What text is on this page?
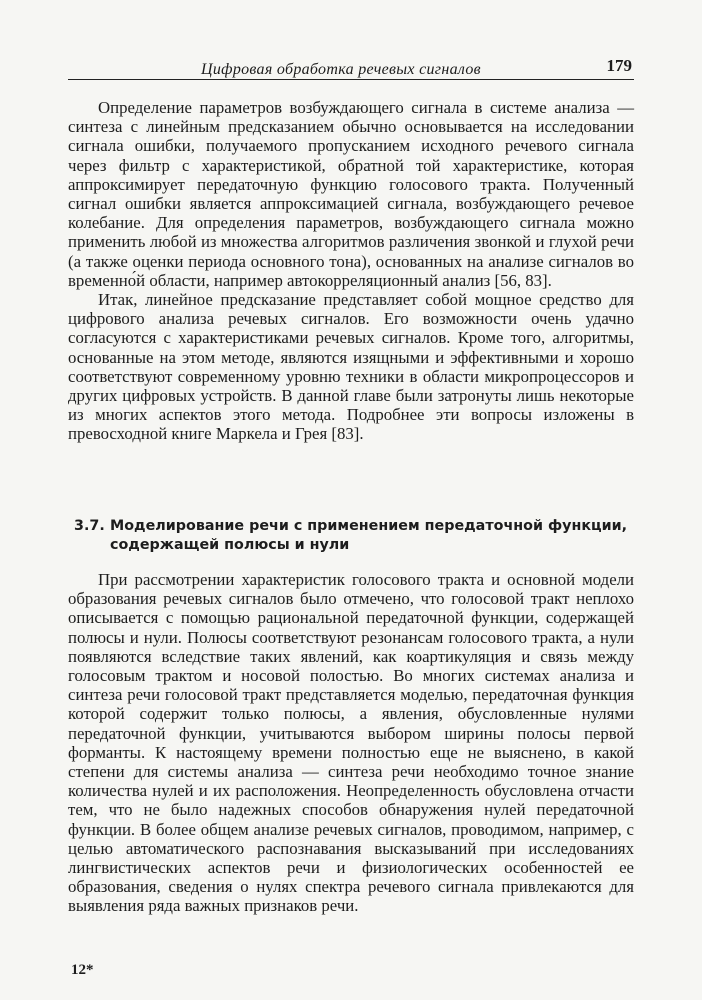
Цифровая обработка речевых сигналов	179

Определение параметров возбуждающего сигнала в системе анализа — синтеза с линейным предсказанием обычно основывается на исследовании сигнала ошибки, получаемого пропусканием исходного речевого сигнала через фильтр с характеристикой, обратной той характеристике, которая аппроксимирует передаточную функцию голосового тракта. Полученный сигнал ошибки является аппроксимацией сигнала, возбуждающего речевое колебание. Для определения параметров, возбуждающего сигнала можно применить любой из множества алгоритмов различения звонкой и глухой речи (а также оценки периода основного тона), основанных на анализе сигналов во временно́й области, например автокорреляционный анализ [56, 83].

Итак, линейное предсказание представляет собой мощное средство для цифрового анализа речевых сигналов. Его возможности очень удачно согласуются с характеристиками речевых сигналов. Кроме того, алгоритмы, основанные на этом методе, являются изящными и эффективными и хорошо соответствуют современному уровню техники в области микропроцессоров и других цифровых устройств. В данной главе были затронуты лишь некоторые из многих аспектов этого метода. Подробнее эти вопросы изложены в превосходной книге Маркела и Грея [83].

3.7. Моделирование речи с применением передаточной функции,
содержащей полюсы и нули

При рассмотрении характеристик голосового тракта и основной модели образования речевых сигналов было отмечено, что голосовой тракт неплохо описывается с помощью рациональной передаточной функции, содержащей полюсы и нули. Полюсы соответствуют резонансам голосового тракта, а нули появляются вследствие таких явлений, как коартикуляция и связь между голосовым трактом и носовой полостью. Во многих системах анализа и синтеза речи голосовой тракт представляется моделью, передаточная функция которой содержит только полюсы, а явления, обусловленные нулями передаточной функции, учитываются выбором ширины полосы первой форманты. К настоящему времени полностью еще не выяснено, в какой степени для системы анализа — синтеза речи необходимо точное знание количества нулей и их расположения. Неопределенность обусловлена отчасти тем, что не было надежных способов обнаружения нулей передаточной функции. В более общем анализе речевых сигналов, проводимом, например, с целью автоматического распознавания высказываний при исследованиях лингвистических аспектов речи и физиологических особенностей ее образования, сведения о нулях спектра речевого сигнала привлекаются для выявления ряда важных признаков речи.

12*
